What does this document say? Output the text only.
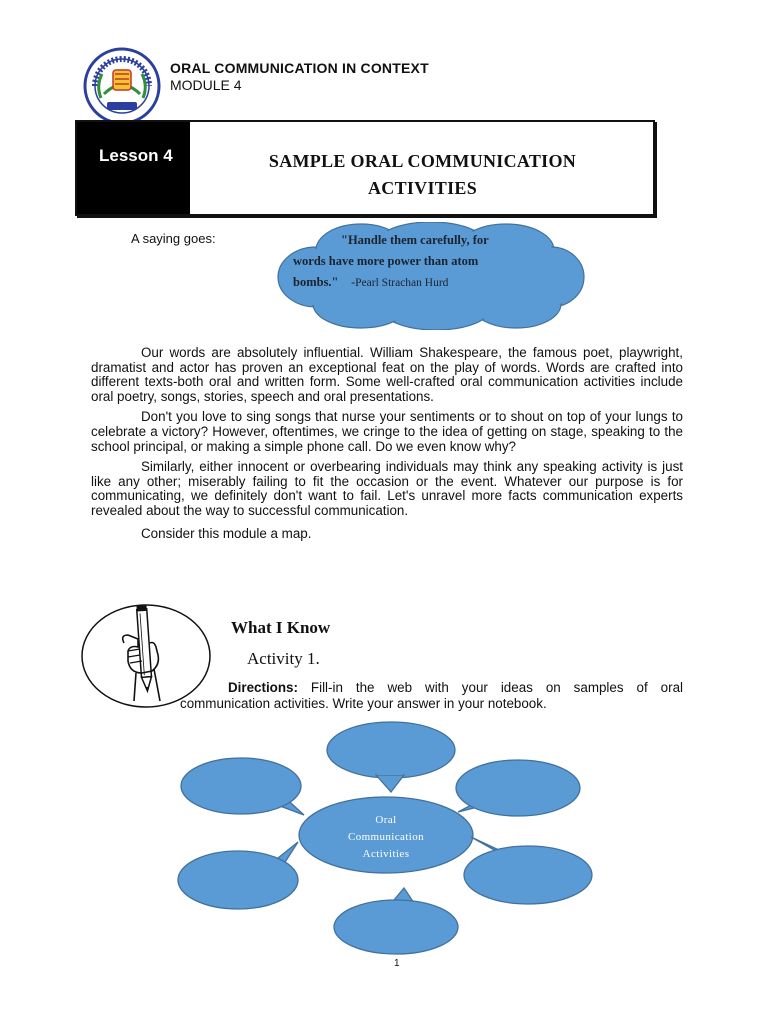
ORAL COMMUNICATION IN CONTEXT
MODULE 4
Lesson 4	SAMPLE ORAL COMMUNICATION
ACTIVITIES
A saying goes:	"Handle them carefully, for
words have more power than atom
bombs." -Pearl Strachan Hurd

Our words are absolutely influential. William Shakespeare, the famous poet, playwright, dramatist and actor has proven an exceptional feat on the play of words. Words are crafted into different texts-both oral and written form. Some well-crafted oral communication activities include oral poetry, songs, stories, speech and oral presentations.

Don't you love to sing songs that nurse your sentiments or to shout on top of your lungs to celebrate a victory? However, oftentimes, we cringe to the idea of getting on stage, speaking to the school principal, or making a simple phone call. Do we even know why?

Similarly, either innocent or overbearing individuals may think any speaking activity is just like any other; miserably failing to fit the occasion or the event. Whatever our purpose is for communicating, we definitely don't want to fail. Let's unravel more facts communication experts revealed about the way to successful communication.

Consider this module a map.

What I Know
Activity 1.
Directions: Fill-in the web with your ideas on samples of oral communication activities. Write your answer in your notebook.
Oral
Communication
Activities
1
